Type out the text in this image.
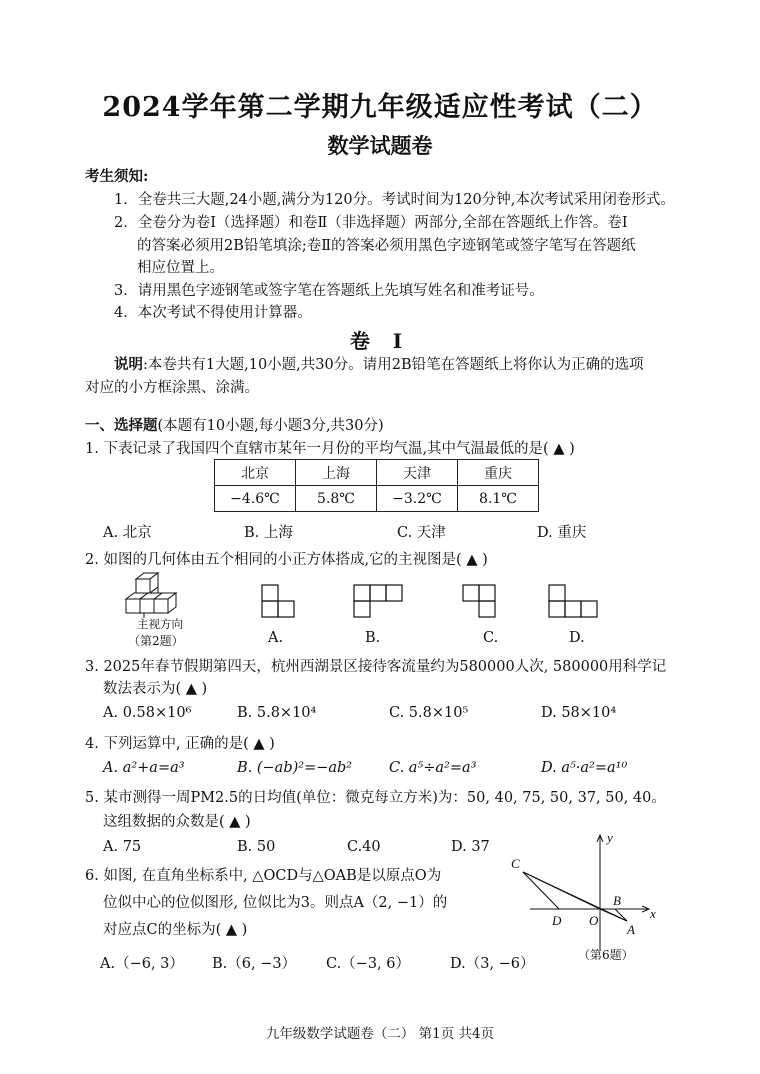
2024学年第二学期九年级适应性考试（二）
数学试题卷
考生须知:
1．全卷共三大题,24小题,满分为120分。考试时间为120分钟,本次考试采用闭卷形式。
2．全卷分为卷Ⅰ（选择题）和卷Ⅱ（非选择题）两部分,全部在答题纸上作答。卷Ⅰ
的答案必须用2B铅笔填涂;卷Ⅱ的答案必须用黑色字迹钢笔或签字笔写在答题纸
相应位置上。
3．请用黑色字迹钢笔或签字笔在答题纸上先填写姓名和准考证号。
4．本次考试不得使用计算器。
卷 Ⅰ
说明:本卷共有1大题,10小题,共30分。请用2B铅笔在答题纸上将你认为正确的选项
对应的小方框涂黑、涂满。
一、选择题(本题有10小题,每小题3分,共30分)
1. 下表记录了我国四个直辖市某年一月份的平均气温,其中气温最低的是( ▲ )
北京	上海	天津	重庆
−4.6℃	5.8℃	−3.2℃	8.1℃
A. 北京	B. 上海	C. 天津	D. 重庆
2. 如图的几何体由五个相同的小正方体搭成,它的主视图是( ▲ )
主视方向
（第2题）	A.	B.	C.	D.
3. 2025年春节假期第四天，杭州西湖景区接待客流量约为580000人次, 580000用科学记
数法表示为( ▲ )
A. 0.58×10⁶	B. 5.8×10⁴	C. 5.8×10⁵	D. 58×10⁴
4. 下列运算中, 正确的是( ▲ )
A. a²+a=a³	B. (−ab)²=−ab²	C. a⁵÷a²=a³	D. a⁵·a²=a¹⁰
5. 某市测得一周PM2.5的日均值(单位：微克每立方米)为：50, 40, 75, 50, 37, 50, 40。
这组数据的众数是( ▲ )
A. 75	B. 50	C.40	D. 37
6. 如图, 在直角坐标系中, △OCD与△OAB是以原点O为
位似中心的位似图形, 位似比为3。则点A（2, −1）的
对应点C的坐标为( ▲ )
A.（−6, 3） B.（6, −3） C.（−3, 6）	D.（3, −6）
y
x
C
B
D O
A
（第6题）
九年级数学试题卷（二） 第1页 共4页
